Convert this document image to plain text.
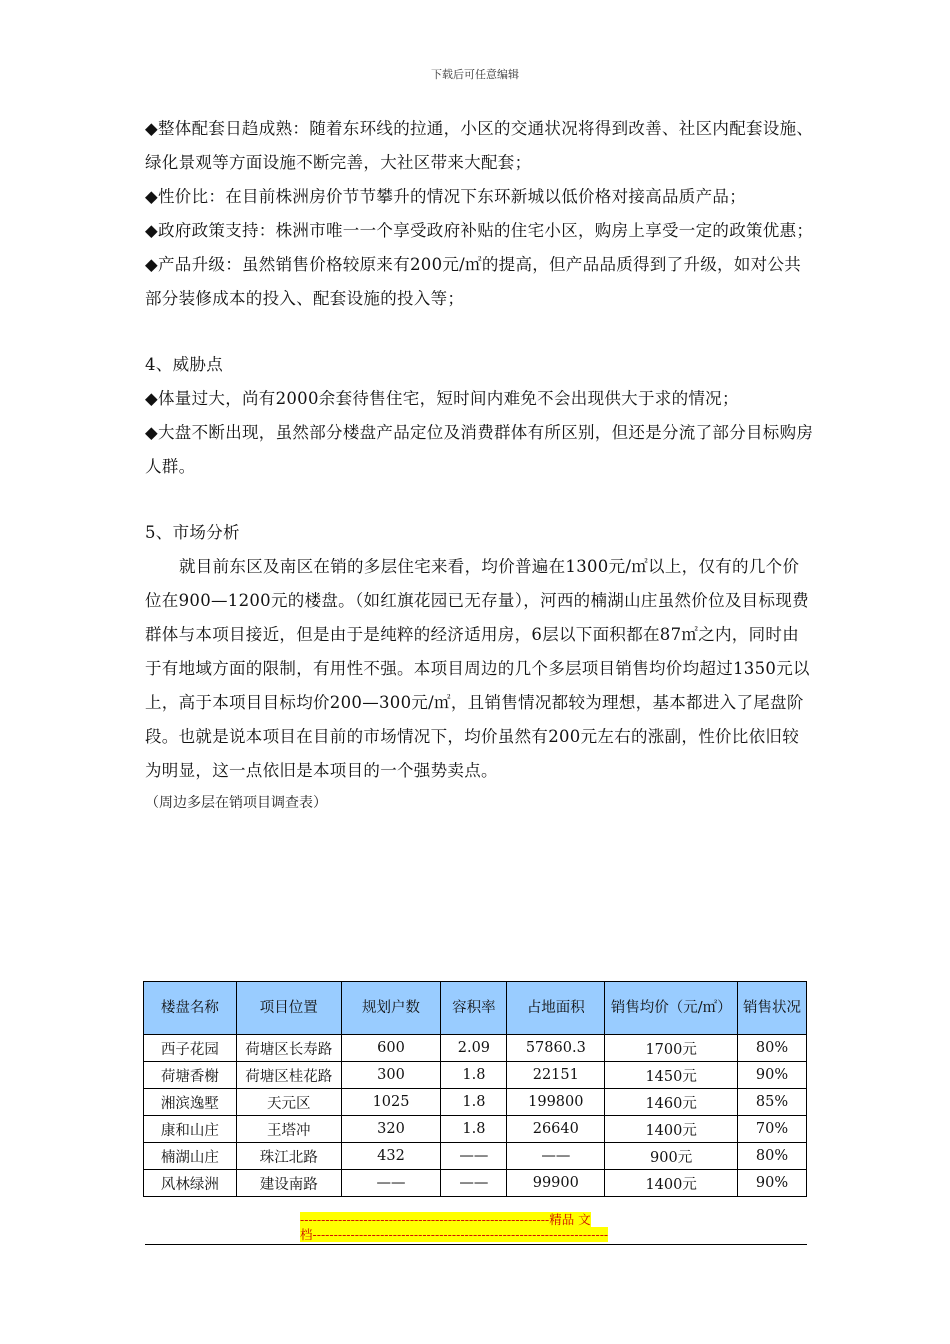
下载后可任意编辑

◆整体配套日趋成熟：随着东环线的拉通，小区的交通状况将得到改善、社区内配套设施、绿化景观等方面设施不断完善，大社区带来大配套；

◆性价比：在目前株洲房价节节攀升的情况下东环新城以低价格对接高品质产品；

◆政府政策支持：株洲市唯一一个享受政府补贴的住宅小区，购房上享受一定的政策优惠；

◆产品升级：虽然销售价格较原来有200元/㎡的提高，但产品品质得到了升级，如对公共部分装修成本的投入、配套设施的投入等；

4、威胁点

◆体量过大，尚有2000余套待售住宅，短时间内难免不会出现供大于求的情况；

◆大盘不断出现，虽然部分楼盘产品定位及消费群体有所区别，但还是分流了部分目标购房人群。

5、市场分析

就目前东区及南区在销的多层住宅来看，均价普遍在1300元/㎡以上，仅有的几个价位在900—1200元的楼盘。（如红旗花园已无存量），河西的楠湖山庄虽然价位及目标现费群体与本项目接近，但是由于是纯粹的经济适用房，6层以下面积都在87㎡之内，同时由于有地域方面的限制，有用性不强。本项目周边的几个多层项目销售均价均超过1350元以上，高于本项目目标均价200—300元/㎡，且销售情况都较为理想，基本都进入了尾盘阶段。也就是说本项目在目前的市场情况下，均价虽然有200元左右的涨副，性价比依旧较为明显，这一点依旧是本项目的一个强势卖点。

（周边多层在销项目调查表）
楼盘名称	项目位置	规划户数	容积率	占地面积	销售均价（元/㎡）	销售状况
西子花园	荷塘区长寿路	600	2.09	57860.3	1700元	80%
荷塘香榭	荷塘区桂花路	300	1.8	22151	1450元	90%
湘滨逸墅	天元区	1025	1.8	199800	1460元	85%
康和山庄	王塔冲	320	1.8	26640	1400元	70%
楠湖山庄	珠江北路	432	——	——	900元	80%
风林绿洲	建设南路	——	——	99900	1400元	90%
-----------------------------------------------------------精品 文
档----------------------------------------------------------------------
